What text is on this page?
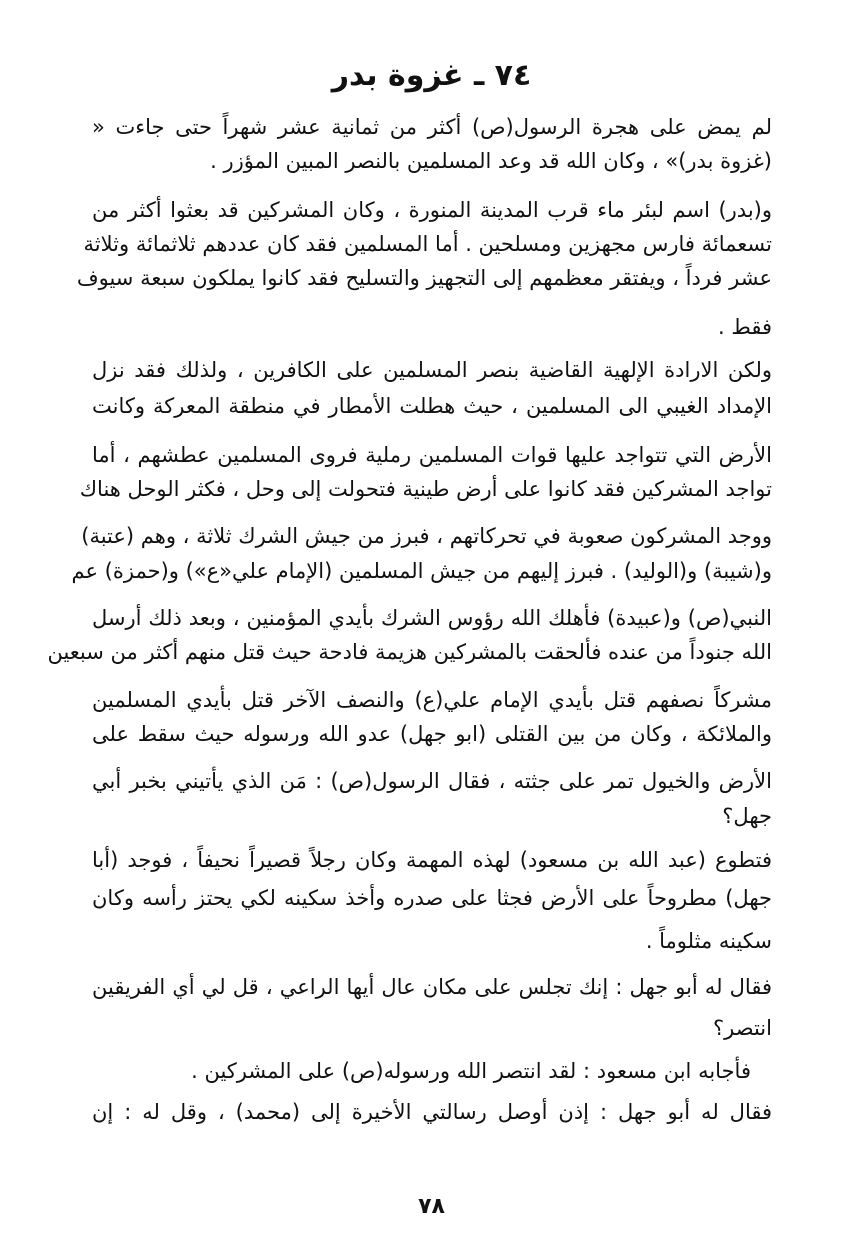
٧٤ ـ غزوة بدر

لم يمض على هجرة الرسول(ص) أكثر من ثمانية عشر شهراً حتى جاءت «

(غزوة بدر)» ، وكان الله قد وعد المسلمين بالنصر المبين المؤزر .

و(بدر) اسم لبئر ماء قرب المدينة المنورة ، وكان المشركين قد بعثوا أكثر من

تسعمائة فارس مجهزين ومسلحين . أما المسلمين فقد كان عددهم ثلاثمائة وثلاثة

عشر فرداً ، ويفتقر معظمهم إلى التجهيز والتسليح فقد كانوا يملكون سبعة سيوف

فقط .

ولكن الارادة الإلهية القاضية بنصر المسلمين على الكافرين ، ولذلك فقد نزل

الإمداد الغيبي الى المسلمين ، حيث هطلت الأمطار في منطقة المعركة وكانت

الأرض التي تتواجد عليها قوات المسلمين رملية فروى المسلمين عطشهم ، أما

تواجد المشركين فقد كانوا على أرض طينية فتحولت إلى وحل ، فكثر الوحل هناك

ووجد المشركون صعوبة في تحركاتهم ، فبرز من جيش الشرك ثلاثة ، وهم (عتبة)

و(شيبة) و(الوليد) . فبرز إليهم من جيش المسلمين (الإمام علي«ع») و(حمزة) عم

النبي(ص) و(عبيدة) فأهلك الله رؤوس الشرك بأيدي المؤمنين ، وبعد ذلك أرسل

الله جنوداً من عنده فألحقت بالمشركين هزيمة فادحة حيث قتل منهم أكثر من سبعين

مشركاً نصفهم قتل بأيدي الإمام علي(ع) والنصف الآخر قتل بأيدي المسلمين

والملائكة ، وكان من بين القتلى (ابو جهل) عدو الله ورسوله حيث سقط على

الأرض والخيول تمر على جثته ، فقال الرسول(ص) : مَن الذي يأتيني بخبر أبي

جهل؟

فتطوع (عبد الله بن مسعود) لهذه المهمة وكان رجلاً قصيراً نحيفاً ، فوجد (أبا

جهل) مطروحاً على الأرض فجثا على صدره وأخذ سكينه لكي يحتز رأسه وكان

سكينه مثلوماً .

فقال له أبو جهل : إنك تجلس على مكان عال أيها الراعي ، قل لي أي الفريقين

انتصر؟

فأجابه ابن مسعود : لقد انتصر الله ورسوله(ص) على المشركين .

فقال له أبو جهل : إذن أوصل رسالتي الأخيرة إلى (محمد) ، وقل له : إن

٧٨
